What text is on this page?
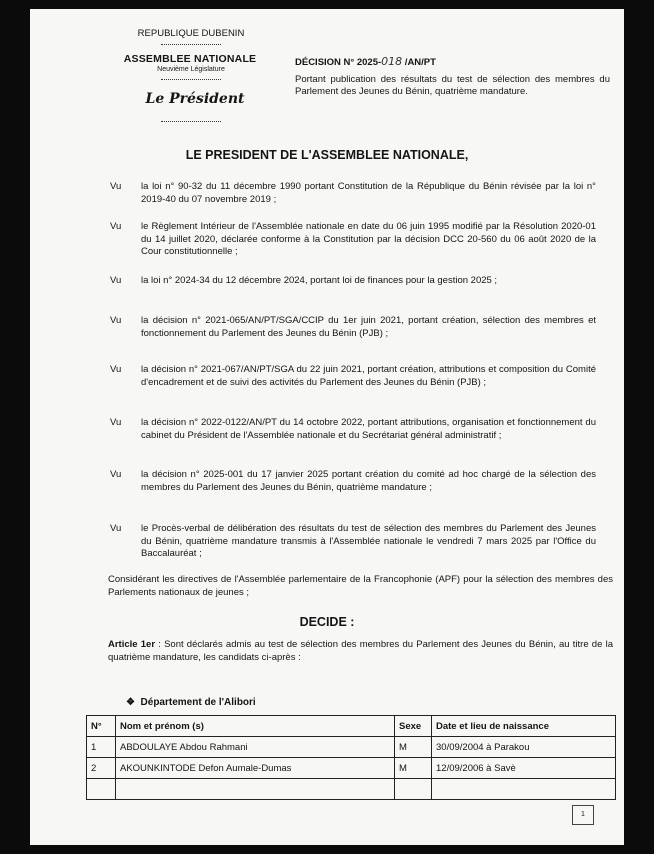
REPUBLIQUE DUBENIN
ASSEMBLEE NATIONALE
Neuvième Législature
Le Président
DÉCISION N° 2025-018 /AN/PT
Portant publication des résultats du test de sélection des membres du Parlement des Jeunes du Bénin, quatrième mandature.
LE PRESIDENT DE L'ASSEMBLEE NATIONALE,
Vu la loi n° 90-32 du 11 décembre 1990 portant Constitution de la République du Bénin révisée par la loi n° 2019-40 du 07 novembre 2019 ;
Vu le Règlement Intérieur de l'Assemblée nationale en date du 06 juin 1995 modifié par la Résolution 2020-01 du 14 juillet 2020, déclarée conforme à la Constitution par la décision DCC 20-560 du 06 août 2020 de la Cour constitutionnelle ;
Vu la loi n° 2024-34 du 12 décembre 2024, portant loi de finances pour la gestion 2025 ;
Vu la décision n° 2021-065/AN/PT/SGA/CCIP du 1er juin 2021, portant création, sélection des membres et fonctionnement du Parlement des Jeunes du Bénin (PJB) ;
Vu la décision n° 2021-067/AN/PT/SGA du 22 juin 2021, portant création, attributions et composition du Comité d'encadrement et de suivi des activités du Parlement des Jeunes du Bénin (PJB) ;
Vu la décision n° 2022-0122/AN/PT du 14 octobre 2022, portant attributions, organisation et fonctionnement du cabinet du Président de l'Assemblée nationale et du Secrétariat général administratif ;
Vu la décision n° 2025-001 du 17 janvier 2025 portant création du comité ad hoc chargé de la sélection des membres du Parlement des Jeunes du Bénin, quatrième mandature ;
Vu le Procès-verbal de délibération des résultats du test de sélection des membres du Parlement des Jeunes du Bénin, quatrième mandature transmis à l'Assemblée nationale le vendredi 7 mars 2025 par l'Office du Baccalauréat ;
Considérant les directives de l'Assemblée parlementaire de la Francophonie (APF) pour la sélection des membres des Parlements nationaux de jeunes ;
DECIDE :
Article 1er : Sont déclarés admis au test de sélection des membres du Parlement des Jeunes du Bénin, au titre de la quatrième mandature, les candidats ci-après :
❖ Département de l'Alibori
N°	Nom et prénom (s)	Sexe	Date et lieu de naissance
1	ABDOULAYE Abdou Rahmani	M	30/09/2004 à Parakou
2	AKOUNKINTODE Defon Aumale-Dumas	M	12/09/2006 à Savè

1
